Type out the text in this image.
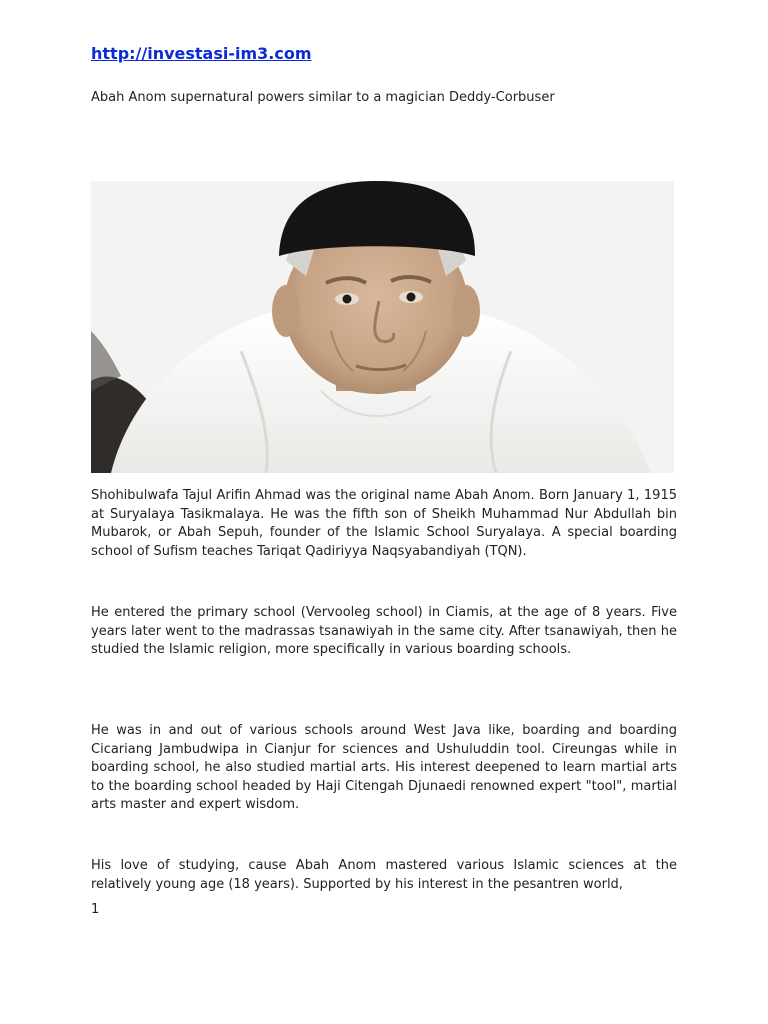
http://investasi-im3.com
Abah Anom supernatural powers similar to a magician Deddy-Corbuser

Shohibulwafa Tajul Arifin Ahmad was the original name Abah Anom. Born January 1, 1915 at Suryalaya Tasikmalaya. He was the fifth son of Sheikh Muhammad Nur Abdullah bin Mubarok, or Abah Sepuh, founder of the Islamic School Suryalaya. A special boarding school of Sufism teaches Tariqat Qadiriyya Naqsyabandiyah (TQN).

He entered the primary school (Vervooleg school) in Ciamis, at the age of 8 years. Five years later went to the madrassas tsanawiyah in the same city. After tsanawiyah, then he studied the Islamic religion, more specifically in various boarding schools.

He was in and out of various schools around West Java like, boarding and boarding Cicariang Jambudwipa in Cianjur for sciences and Ushuluddin tool. Cireungas while in boarding school, he also studied martial arts. His interest deepened to learn martial arts to the boarding school headed by Haji Citengah Djunaedi renowned expert "tool", martial arts master and expert wisdom.

His love of studying, cause Abah Anom mastered various Islamic sciences at the relatively young age (18 years). Supported by his interest in the pesantren world,

1
